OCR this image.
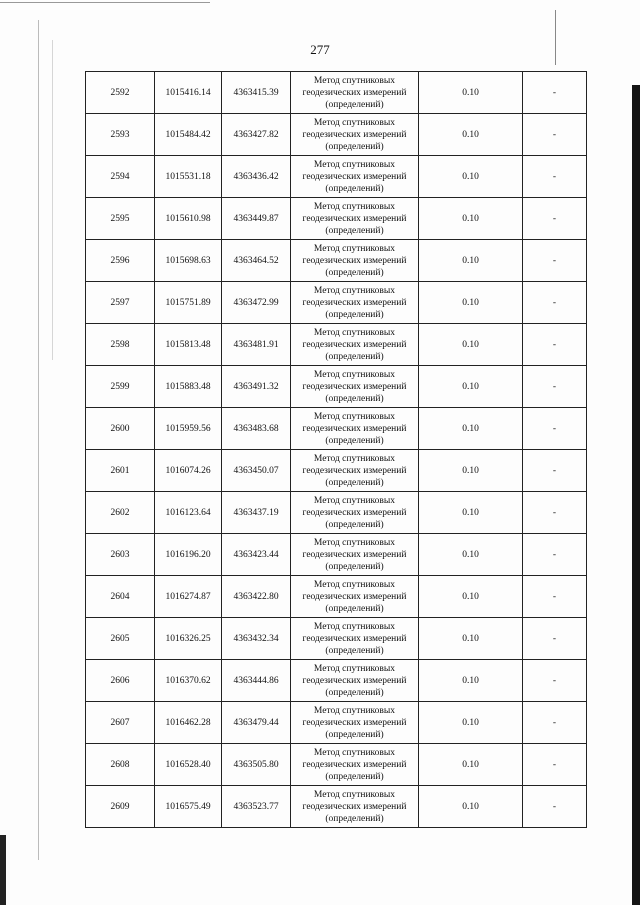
277
2592	1015416.14	4363415.39	Метод спутниковых
геодезических измерений
(определений)	0.10	-
2593	1015484.42	4363427.82	Метод спутниковых
геодезических измерений
(определений)	0.10	-
2594	1015531.18	4363436.42	Метод спутниковых
геодезических измерений
(определений)	0.10	-
2595	1015610.98	4363449.87	Метод спутниковых
геодезических измерений
(определений)	0.10	-
2596	1015698.63	4363464.52	Метод спутниковых
геодезических измерений
(определений)	0.10	-
2597	1015751.89	4363472.99	Метод спутниковых
геодезических измерений
(определений)	0.10	-
2598	1015813.48	4363481.91	Метод спутниковых
геодезических измерений
(определений)	0.10	-
2599	1015883.48	4363491.32	Метод спутниковых
геодезических измерений
(определений)	0.10	-
2600	1015959.56	4363483.68	Метод спутниковых
геодезических измерений
(определений)	0.10	-
2601	1016074.26	4363450.07	Метод спутниковых
геодезических измерений
(определений)	0.10	-
2602	1016123.64	4363437.19	Метод спутниковых
геодезических измерений
(определений)	0.10	-
2603	1016196.20	4363423.44	Метод спутниковых
геодезических измерений
(определений)	0.10	-
2604	1016274.87	4363422.80	Метод спутниковых
геодезических измерений
(определений)	0.10	-
2605	1016326.25	4363432.34	Метод спутниковых
геодезических измерений
(определений)	0.10	-
2606	1016370.62	4363444.86	Метод спутниковых
геодезических измерений
(определений)	0.10	-
2607	1016462.28	4363479.44	Метод спутниковых
геодезических измерений
(определений)	0.10	-
2608	1016528.40	4363505.80	Метод спутниковых
геодезических измерений
(определений)	0.10	-
2609	1016575.49	4363523.77	Метод спутниковых
геодезических измерений
(определений)	0.10	-
